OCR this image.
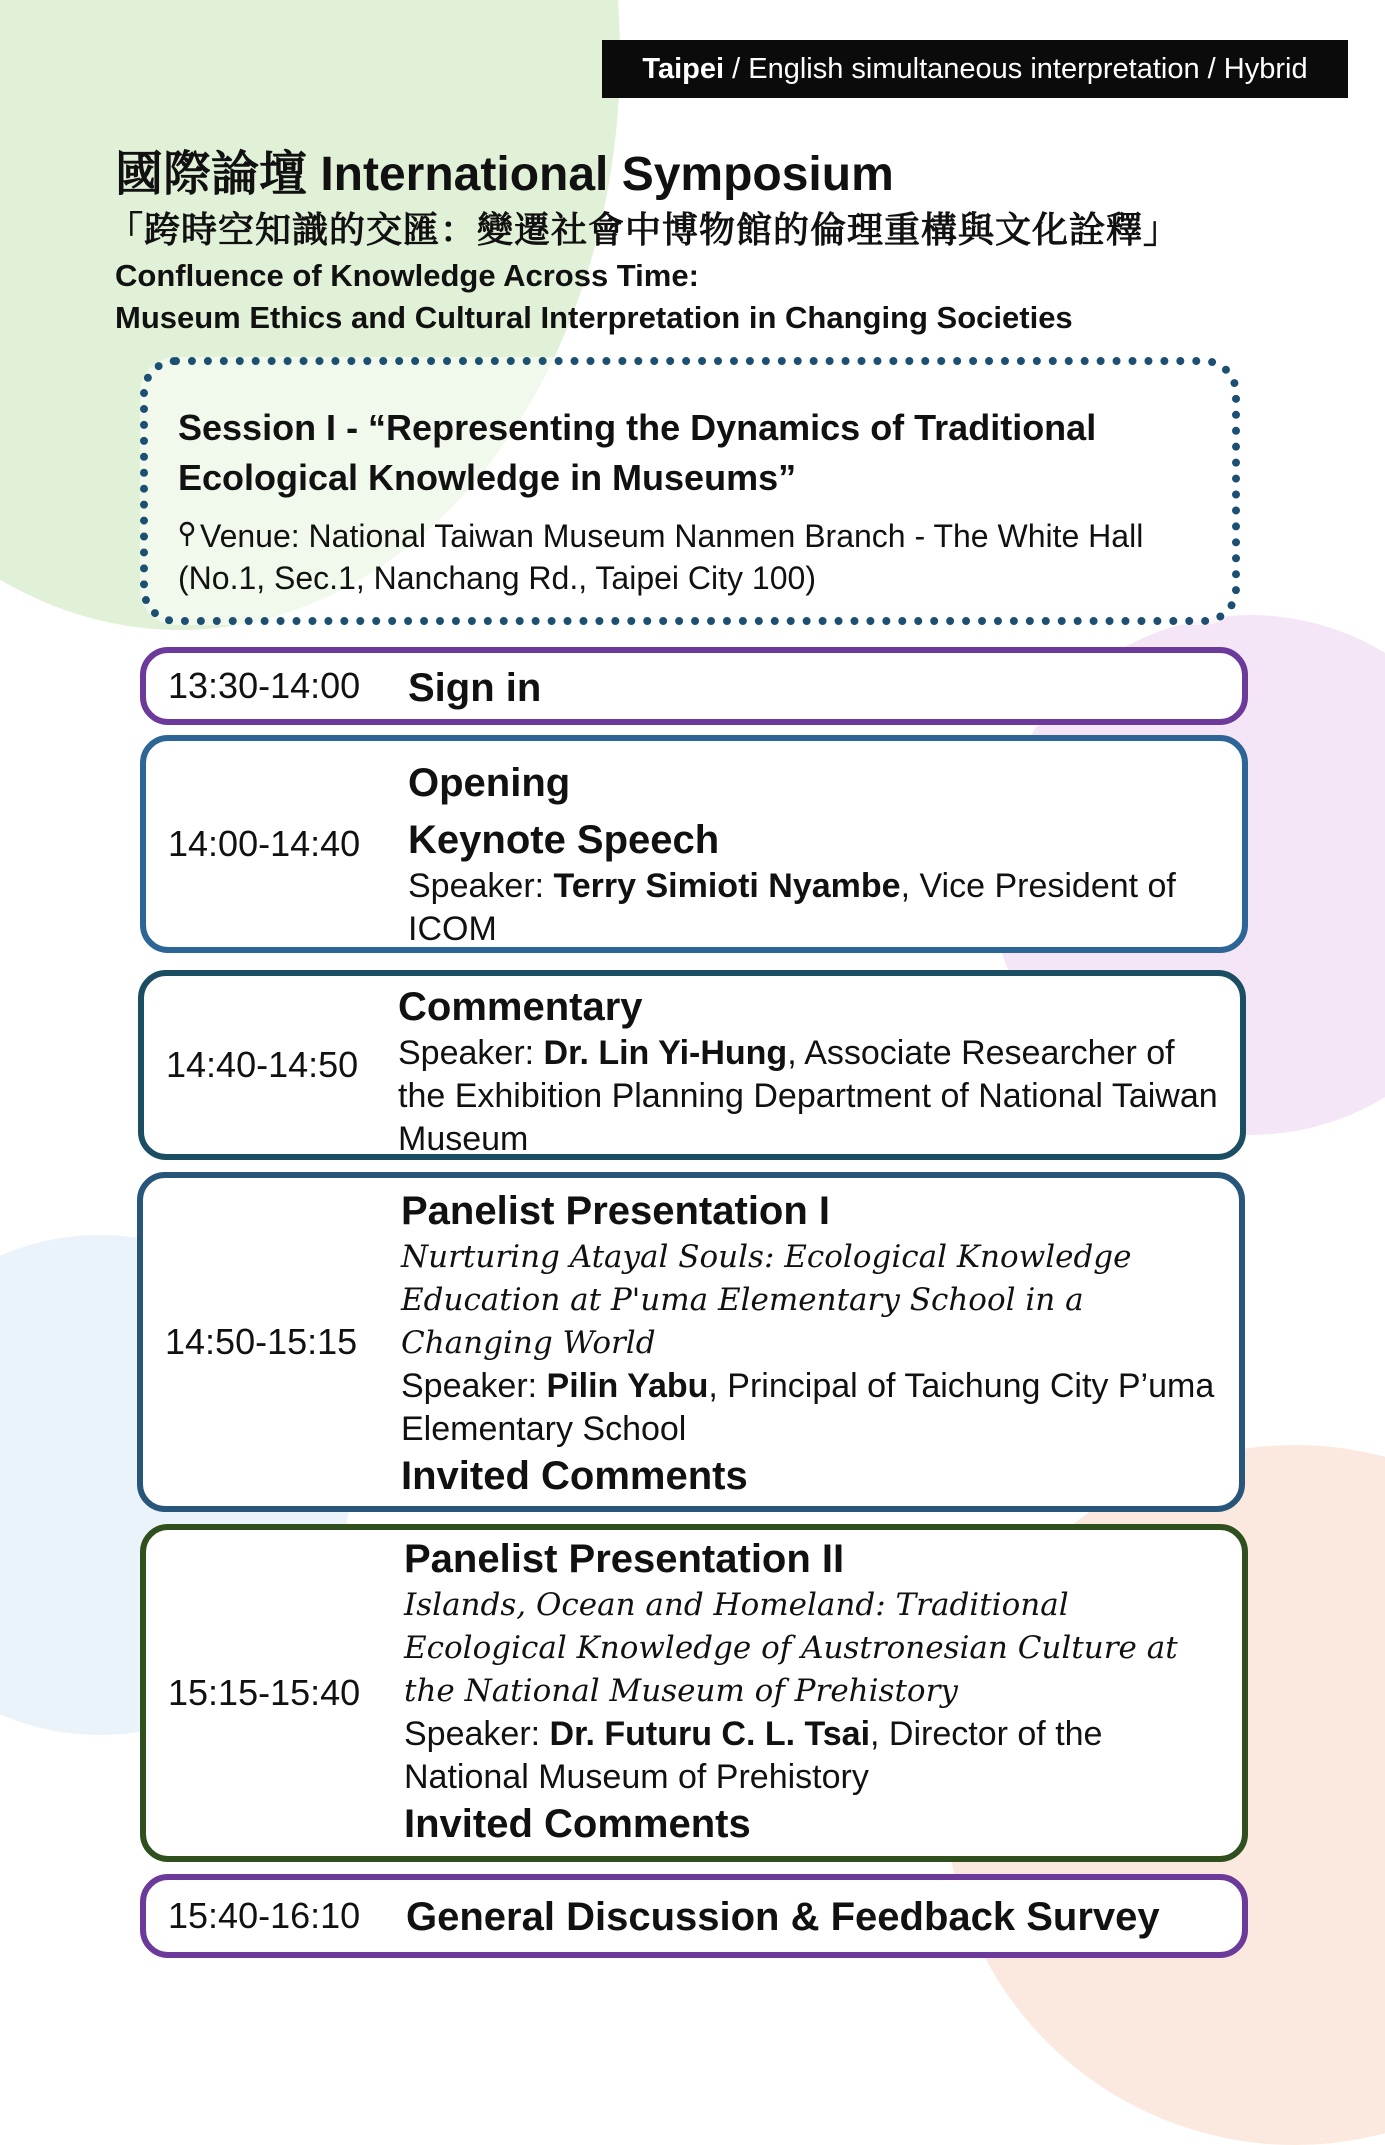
Taipei / English simultaneous interpretation / Hybrid
國際論壇 International Symposium
「跨時空知識的交匯：變遷社會中博物館的倫理重構與文化詮釋」
Confluence of Knowledge Across Time:
Museum Ethics and Cultural Interpretation in Changing Societies
Session I - “Representing the Dynamics of Traditional Ecological Knowledge in Museums”
Venue: National Taiwan Museum Nanmen Branch - The White Hall (No.1, Sec.1, Nanchang Rd., Taipei City 100)
13:30-14:00 Sign in
14:00-14:40
Opening
Keynote Speech
Speaker: Terry Simioti Nyambe, Vice President of ICOM
14:40-14:50
Commentary
Speaker: Dr. Lin Yi-Hung, Associate Researcher of the Exhibition Planning Department of National Taiwan Museum
14:50-15:15
Panelist Presentation I
Nurturing Atayal Souls: Ecological Knowledge Education at P'uma Elementary School in a Changing World
Speaker: Pilin Yabu, Principal of Taichung City P’uma Elementary School
Invited Comments
15:15-15:40
Panelist Presentation II
Islands, Ocean and Homeland: Traditional Ecological Knowledge of Austronesian Culture at the National Museum of Prehistory
Speaker: Dr. Futuru C. L. Tsai, Director of the National Museum of Prehistory
Invited Comments
15:40-16:10 General Discussion & Feedback Survey
